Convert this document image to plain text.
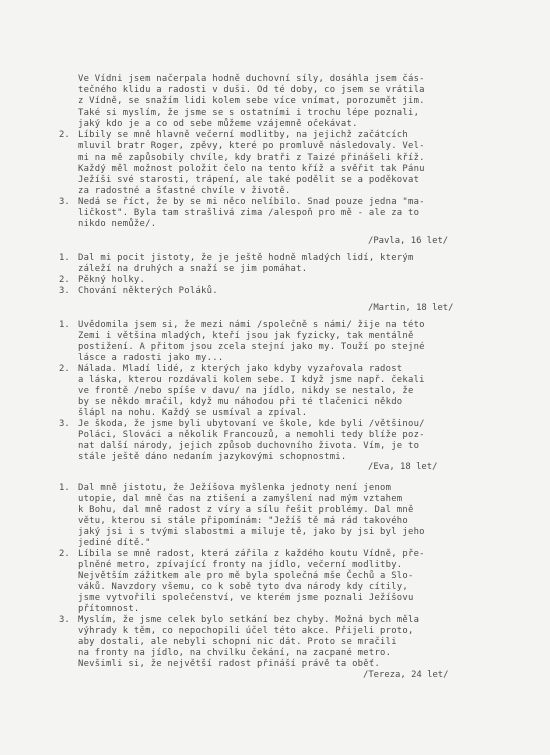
Ve Vídni jsem načerpala hodně duchovní síly, dosáhla jsem čás-
tečného klidu a radosti v duši. Od té doby, co jsem se vrátila
z Vídně, se snažím lidi kolem sebe více vnímat, porozumět jim.
Také si myslím, že jsme se s ostatními i trochu lépe poznali,
jaký kdo je a co od sebe můžeme vzájemně očekávat.
2. Líbily se mně hlavně večerní modlitby, na jejichž začátcích
mluvil bratr Roger, zpěvy, které po promluvě následovaly. Vel-
mi na mě zapůsobily chvíle, kdy bratři z Taizé přinášeli kříž.
Každý měl možnost položit čelo na tento kříž a svěřit tak Pánu
Ježíši své starosti, trápení, ale také podělit se a poděkovat
za radostné a šťastné chvíle v životě.
3. Nedá se říct, že by se mi něco nelíbilo. Snad pouze jedna "ma-
ličkost". Byla tam strašlivá zima /alespoň pro mě - ale za to
nikdo nemůže/.
/Pavla, 16 let/
1. Dal mi pocit jistoty, že je ještě hodně mladých lidí, kterým
záleží na druhých a snaží se jim pomáhat.
2. Pěkný holky.
3. Chování některých Poláků.
/Martin, 18 let/
1. Uvědomila jsem si, že mezi námi /společně s námi/ žije na této
Zemi i většina mladých, kteří jsou jak fyzicky, tak mentálně
postižení. A přitom jsou zcela stejní jako my. Touží po stejné
lásce a radosti jako my...
2. Nálada. Mladí lidé, z kterých jako kdyby vyzařovala radost
a láska, kterou rozdávali kolem sebe. I když jsme např. čekali
ve frontě /nebo spíše v davu/ na jídlo, nikdy se nestalo, že
by se někdo mračil, když mu náhodou při té tlačenici někdo
šlápl na nohu. Každý se usmíval a zpíval.
3. Je škoda, že jsme byli ubytovaní ve škole, kde byli /většinou/
Poláci, Slováci a několik Francouzů, a nemohli tedy blíže poz-
nat další národy, jejich způsob duchovního života. Vím, je to
stále ještě dáno nedaním jazykovými schopnostmi.
/Eva, 18 let/
1. Dal mně jistotu, že Ježíšova myšlenka jednoty není jenom
utopie, dal mně čas na ztišení a zamyšlení nad mým vztahem
k Bohu, dal mně radost z víry a sílu řešit problémy. Dal mně
větu, kterou si stále připomínám: "Ježíš tě má rád takového
jaký jsi i s tvými slabostmi a miluje tě, jako by jsi byl jeho
jediné dítě."
2. Líbila se mně radost, která zářila z každého koutu Vídně, pře-
plněné metro, zpívající fronty na jídlo, večerní modlitby.
Největším zážitkem ale pro mě byla společná mše Čechů a Slo-
váků. Navzdory všemu, co k sobě tyto dva národy kdy cítily,
jsme vytvořili společenství, ve kterém jsme poznali Ježíšovu
přítomnost.
3. Myslím, že jsme celek bylo setkání bez chyby. Možná bych měla
výhrady k těm, co nepochopili účel této akce. Přijeli proto,
aby dostali, ale nebyli schopni nic dát. Proto se mračili
na fronty na jídlo, na chvilku čekání, na zacpané metro.
Nevšimli si, že největší radost přináší právě ta oběť.
/Tereza, 24 let/
